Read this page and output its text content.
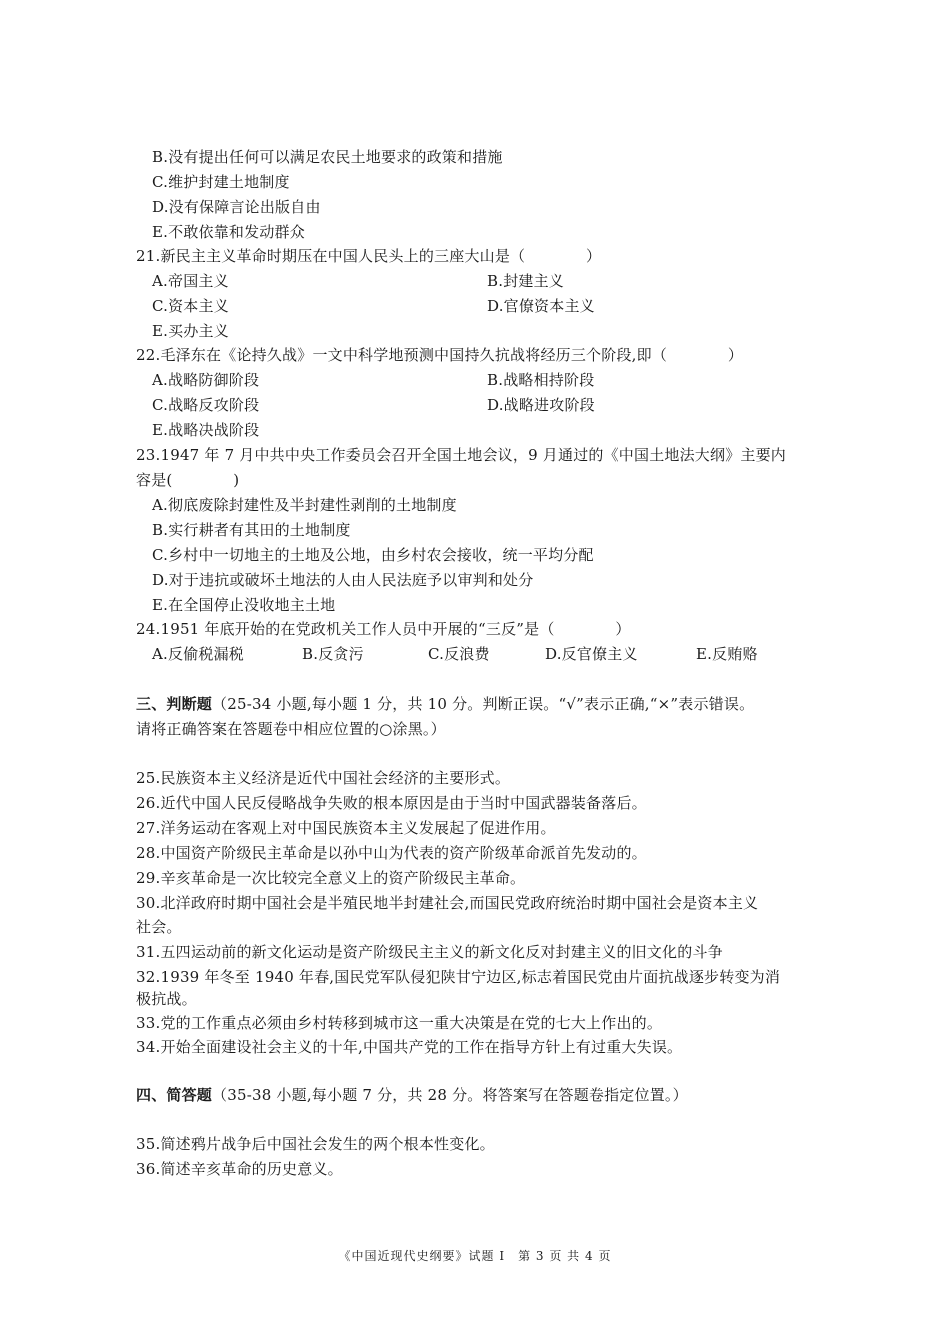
B.没有提出任何可以满足农民土地要求的政策和措施
C.维护封建土地制度
D.没有保障言论出版自由
E.不敢依靠和发动群众
21.新民主主义革命时期压在中国人民头上的三座大山是（　　　　）
A.帝国主义	B.封建主义
C.资本主义	D.官僚资本主义
E.买办主义
22.毛泽东在《论持久战》一文中科学地预测中国持久抗战将经历三个阶段,即（　　　　）
A.战略防御阶段	B.战略相持阶段
C.战略反攻阶段	D.战略进攻阶段
E.战略决战阶段
23.1947 年 7 月中共中央工作委员会召开全国土地会议，9 月通过的《中国土地法大纲》主要内
容是(　　　　)
A.彻底废除封建性及半封建性剥削的土地制度
B.实行耕者有其田的土地制度
C.乡村中一切地主的土地及公地，由乡村农会接收，统一平均分配
D.对于违抗或破坏土地法的人由人民法庭予以审判和处分
E.在全国停止没收地主土地
24.1951 年底开始的在党政机关工作人员中开展的“三反”是（　　　　）
A.反偷税漏税	B.反贪污	C.反浪费	D.反官僚主义	E.反贿赂
三、判断题（25-34 小题,每小题 1 分，共 10 分。判断正误。“√”表示正确,“×”表示错误。
请将正确答案在答题卷中相应位置的○涂黑。）
25.民族资本主义经济是近代中国社会经济的主要形式。
26.近代中国人民反侵略战争失败的根本原因是由于当时中国武器装备落后。
27.洋务运动在客观上对中国民族资本主义发展起了促进作用。
28.中国资产阶级民主革命是以孙中山为代表的资产阶级革命派首先发动的。
29.辛亥革命是一次比较完全意义上的资产阶级民主革命。
30.北洋政府时期中国社会是半殖民地半封建社会,而国民党政府统治时期中国社会是资本主义
社会。
31.五四运动前的新文化运动是资产阶级民主主义的新文化反对封建主义的旧文化的斗争
32.1939 年冬至 1940 年春,国民党军队侵犯陕甘宁边区,标志着国民党由片面抗战逐步转变为消
极抗战。
33.党的工作重点必须由乡村转移到城市这一重大决策是在党的七大上作出的。
34.开始全面建设社会主义的十年,中国共产党的工作在指导方针上有过重大失误。
四、简答题（35-38 小题,每小题 7 分，共 28 分。将答案写在答题卷指定位置。）
35.简述鸦片战争后中国社会发生的两个根本性变化。
36.简述辛亥革命的历史意义。
《中国近现代史纲要》试题 I　第 3 页 共 4 页
